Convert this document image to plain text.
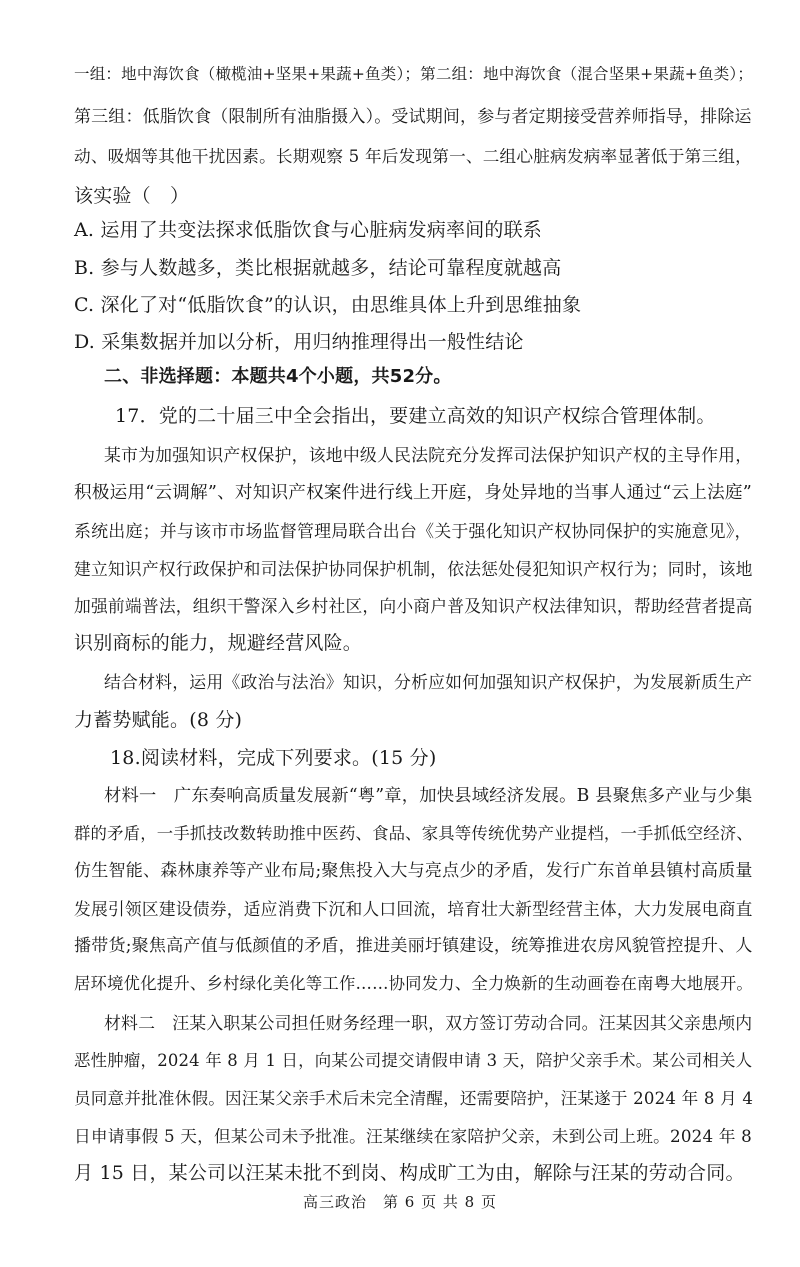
一组：地中海饮食（橄榄油+坚果+果蔬+鱼类）；第二组：地中海饮食（混合坚果+果蔬+鱼类）；
第三组：低脂饮食（限制所有油脂摄入）。受试期间，参与者定期接受营养师指导，排除运
动、吸烟等其他干扰因素。长期观察 5 年后发现第一、二组心脏病发病率显著低于第三组，
该实验（　）
A. 运用了共变法探求低脂饮食与心脏病发病率间的联系
B. 参与人数越多，类比根据就越多，结论可靠程度就越高
C. 深化了对“低脂饮食”的认识，由思维具体上升到思维抽象
D. 采集数据并加以分析，用归纳推理得出一般性结论
二、非选择题：本题共4个小题，共52分。
17．党的二十届三中全会指出，要建立高效的知识产权综合管理体制。
某市为加强知识产权保护，该地中级人民法院充分发挥司法保护知识产权的主导作用，
积极运用“云调解”、对知识产权案件进行线上开庭，身处异地的当事人通过“云上法庭”
系统出庭；并与该市市场监督管理局联合出台《关于强化知识产权协同保护的实施意见》，
建立知识产权行政保护和司法保护协同保护机制，依法惩处侵犯知识产权行为；同时，该地
加强前端普法，组织干警深入乡村社区，向小商户普及知识产权法律知识，帮助经营者提高
识别商标的能力，规避经营风险。
结合材料，运用《政治与法治》知识，分析应如何加强知识产权保护，为发展新质生产
力蓄势赋能。(8 分)
18.阅读材料，完成下列要求。(15 分)
材料一　广东奏响高质量发展新“粤”章，加快县域经济发展。B 县聚焦多产业与少集
群的矛盾，一手抓技改数转助推中医药、食品、家具等传统优势产业提档，一手抓低空经济、
仿生智能、森林康养等产业布局;聚焦投入大与亮点少的矛盾，发行广东首单县镇村高质量
发展引领区建设债券，适应消费下沉和人口回流，培育壮大新型经营主体，大力发展电商直
播带货;聚焦高产值与低颜值的矛盾，推进美丽圩镇建设，统筹推进农房风貌管控提升、人
居环境优化提升、乡村绿化美化等工作……协同发力、全力焕新的生动画卷在南粤大地展开。
材料二　汪某入职某公司担任财务经理一职，双方签订劳动合同。汪某因其父亲患颅内
恶性肿瘤，2024 年 8 月 1 日，向某公司提交请假申请 3 天，陪护父亲手术。某公司相关人
员同意并批准休假。因汪某父亲手术后未完全清醒，还需要陪护，汪某遂于 2024 年 8 月 4
日申请事假 5 天，但某公司未予批准。汪某继续在家陪护父亲，未到公司上班。2024 年 8
月 15 日，某公司以汪某未批不到岗、构成旷工为由，解除与汪某的劳动合同。
高三政治　第 6 页 共 8 页
